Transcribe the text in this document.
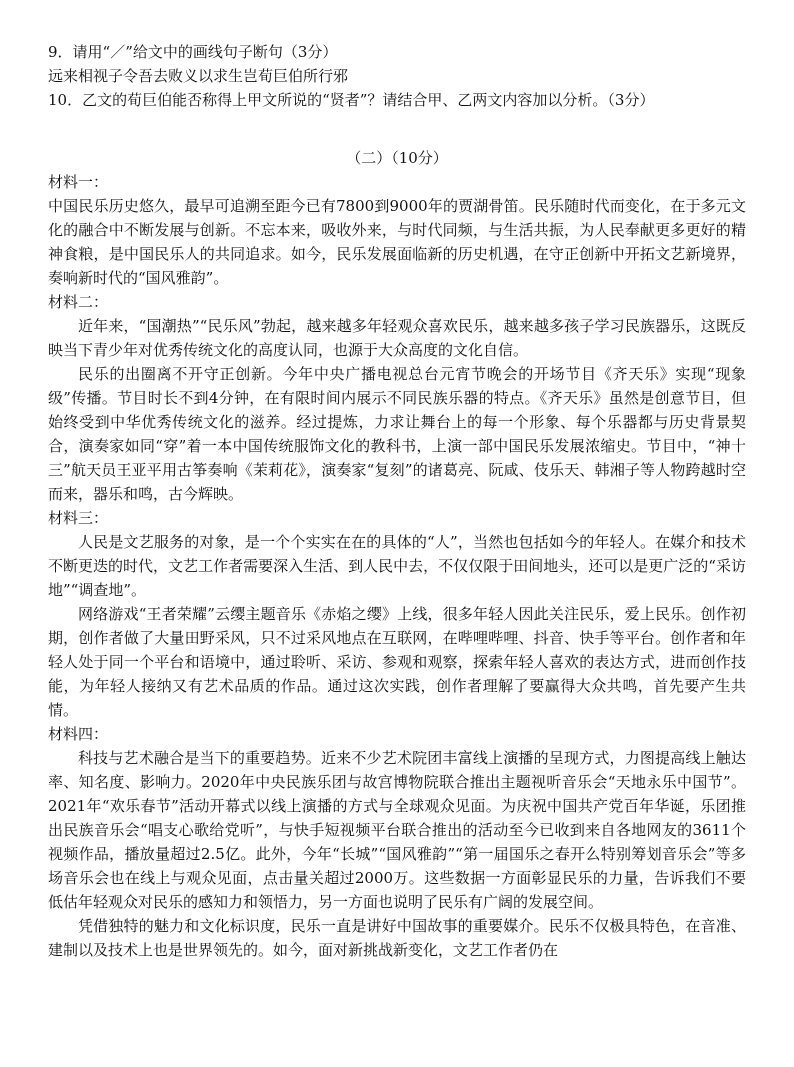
9．请用“／”给文中的画线句子断句（3分）
远来相视子令吾去败义以求生岂荀巨伯所行邪
10．乙文的荀巨伯能否称得上甲文所说的“贤者”？请结合甲、乙两文内容加以分析。（3分）
（二）（10分）
材料一：

中国民乐历史悠久，最早可追溯至距今已有7800到9000年的贾湖骨笛。民乐随时代而变化，在于多元文化的融合中不断发展与创新。不忘本来，吸收外来，与时代同频，与生活共振，为人民奉献更多更好的精神食粮，是中国民乐人的共同追求。如今，民乐发展面临新的历史机遇，在守正创新中开拓文艺新境界，奏响新时代的“国风雅韵”。

材料二：

近年来，“国潮热”“民乐风”勃起，越来越多年轻观众喜欢民乐，越来越多孩子学习民族器乐，这既反映当下青少年对优秀传统文化的高度认同，也源于大众高度的文化自信。

民乐的出圈离不开守正创新。今年中央广播电视总台元宵节晚会的开场节目《齐天乐》实现“现象级”传播。节目时长不到4分钟，在有限时间内展示不同民族乐器的特点。《齐天乐》虽然是创意节目，但始终受到中华优秀传统文化的滋养。经过提炼，力求让舞台上的每一个形象、每个乐器都与历史背景契合，演奏家如同“穿”着一本中国传统服饰文化的教科书，上演一部中国民乐发展浓缩史。节目中，“神十三”航天员王亚平用古筝奏响《茉莉花》，演奏家“复刻”的诸葛亮、阮咸、伎乐天、韩湘子等人物跨越时空而来，器乐和鸣，古今辉映。

材料三：

人民是文艺服务的对象，是一个个实实在在的具体的“人”，当然也包括如今的年轻人。在媒介和技术不断更迭的时代，文艺工作者需要深入生活、到人民中去，不仅仅限于田间地头，还可以是更广泛的“采访地”“调查地”。

网络游戏“王者荣耀”云缨主题音乐《赤焰之缨》上线，很多年轻人因此关注民乐，爱上民乐。创作初期，创作者做了大量田野采风，只不过采风地点在互联网，在哔哩哔哩、抖音、快手等平台。创作者和年轻人处于同一个平台和语境中，通过聆听、采访、参观和观察，探索年轻人喜欢的表达方式，进而创作技能，为年轻人接纳又有艺术品质的作品。通过这次实践，创作者理解了要赢得大众共鸣，首先要产生共情。

材料四：

科技与艺术融合是当下的重要趋势。近来不少艺术院团丰富线上演播的呈现方式，力图提高线上触达率、知名度、影响力。2020年中央民族乐团与故宫博物院联合推出主题视听音乐会“天地永乐中国节”。2021年“欢乐春节”活动开幕式以线上演播的方式与全球观众见面。为庆祝中国共产党百年华诞，乐团推出民族音乐会“唱支心歌给党听”，与快手短视频平台联合推出的活动至今已收到来自各地网友的3611个视频作品，播放量超过2.5亿。此外，今年“长城”“国风雅韵”“第一届国乐之春开么特别筹划音乐会”等多场音乐会也在线上与观众见面，点击量关超过2000万。这些数据一方面彰显民乐的力量，告诉我们不要低估年轻观众对民乐的感知力和领悟力，另一方面也说明了民乐有广阔的发展空间。

凭借独特的魅力和文化标识度，民乐一直是讲好中国故事的重要媒介。民乐不仅极具特色，在音准、建制以及技术上也是世界领先的。如今，面对新挑战新变化，文艺工作者仍在
